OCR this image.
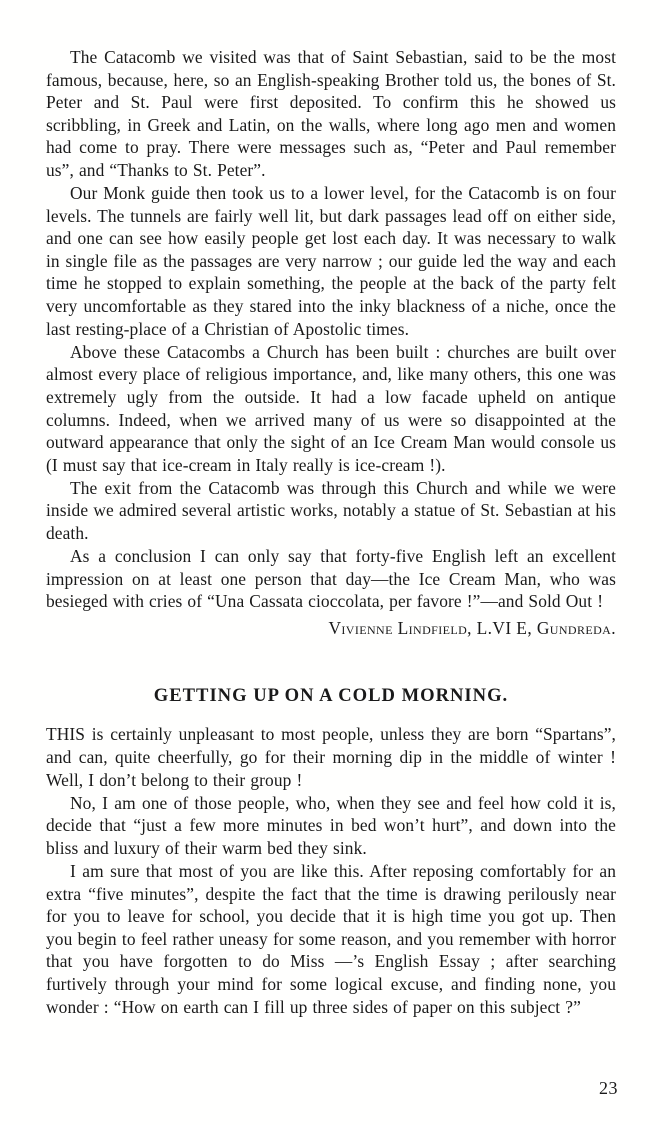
The Catacomb we visited was that of Saint Sebastian, said to be the most famous, because, here, so an English-speaking Brother told us, the bones of St. Peter and St. Paul were first deposited. To confirm this he showed us scribbling, in Greek and Latin, on the walls, where long ago men and women had come to pray. There were messages such as, “Peter and Paul remember us”, and “Thanks to St. Peter”.

Our Monk guide then took us to a lower level, for the Catacomb is on four levels. The tunnels are fairly well lit, but dark passages lead off on either side, and one can see how easily people get lost each day. It was necessary to walk in single file as the passages are very narrow ; our guide led the way and each time he stopped to explain something, the people at the back of the party felt very uncomfortable as they stared into the inky blackness of a niche, once the last resting-place of a Christian of Apostolic times.

Above these Catacombs a Church has been built : churches are built over almost every place of religious importance, and, like many others, this one was extremely ugly from the outside. It had a low facade upheld on antique columns. Indeed, when we arrived many of us were so disappointed at the outward appearance that only the sight of an Ice Cream Man would console us (I must say that ice-cream in Italy really is ice-cream !).

The exit from the Catacomb was through this Church and while we were inside we admired several artistic works, notably a statue of St. Sebastian at his death.

As a conclusion I can only say that forty-five English left an excellent impression on at least one person that day—the Ice Cream Man, who was besieged with cries of “Una Cassata cioccolata, per favore !”—and Sold Out !

Vivienne Lindfield, L.VI E, Gundreda.
GETTING UP ON A COLD MORNING.

THIS is certainly unpleasant to most people, unless they are born “Spartans”, and can, quite cheerfully, go for their morning dip in the middle of winter ! Well, I don’t belong to their group !

No, I am one of those people, who, when they see and feel how cold it is, decide that “just a few more minutes in bed won’t hurt”, and down into the bliss and luxury of their warm bed they sink.

I am sure that most of you are like this. After reposing comfortably for an extra “five minutes”, despite the fact that the time is drawing perilously near for you to leave for school, you decide that it is high time you got up. Then you begin to feel rather uneasy for some reason, and you remember with horror that you have forgotten to do Miss —’s English Essay ; after searching furtively through your mind for some logical excuse, and finding none, you wonder : “How on earth can I fill up three sides of paper on this subject ?”

23
